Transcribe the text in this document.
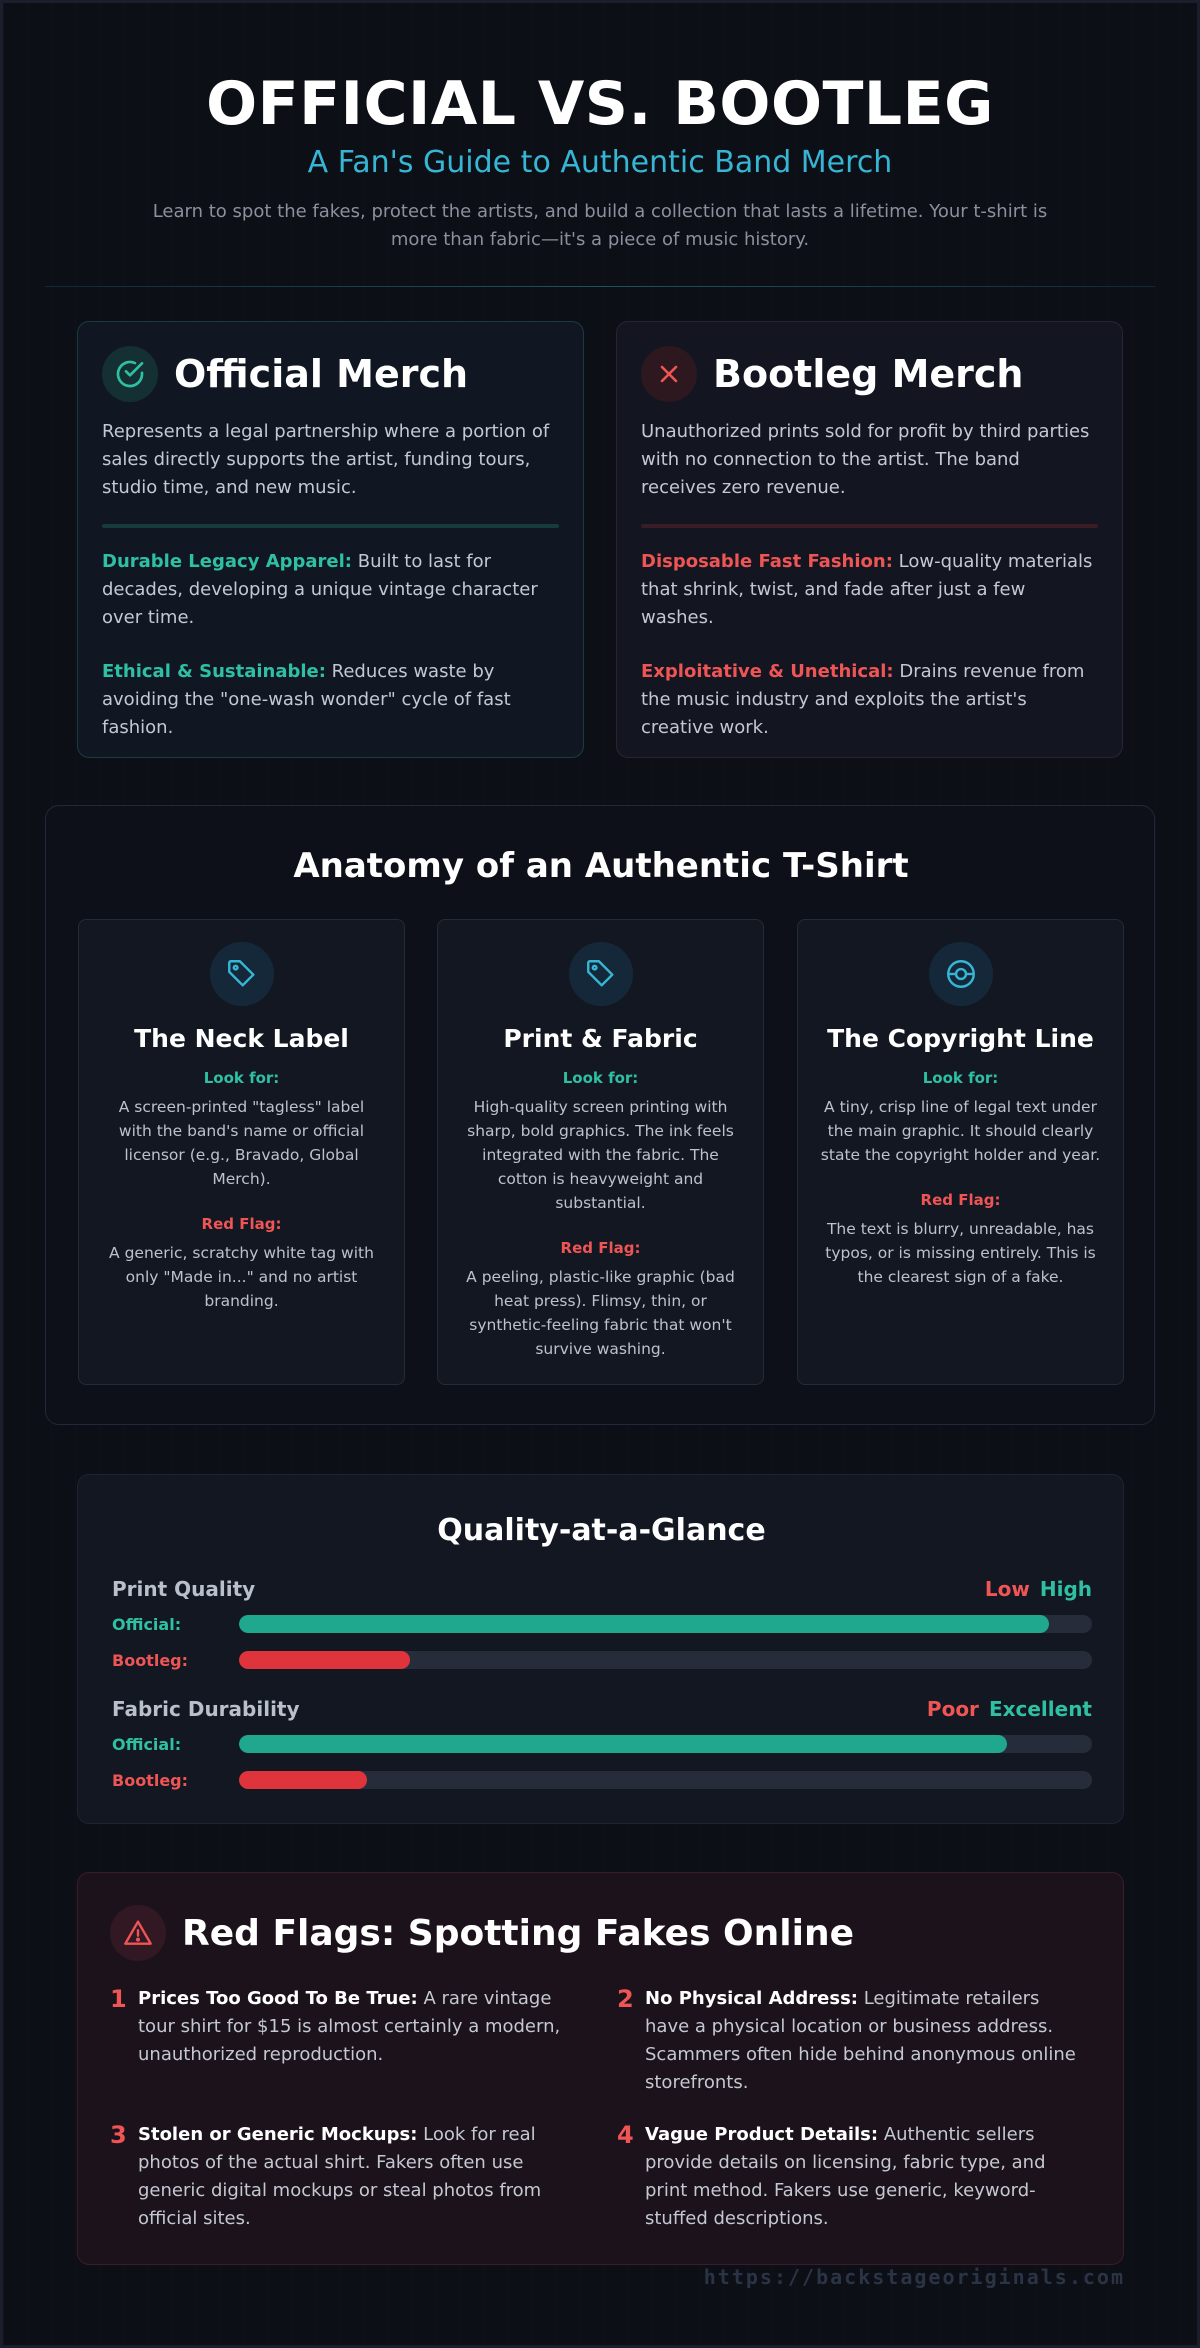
OFFICIAL VS. BOOTLEG
A Fan's Guide to Authentic Band Merch

Learn to spot the fakes, protect the artists, and build a collection that lasts a lifetime. Your t-shirt is more than fabric—it's a piece of music history.

Official Merch

Represents a legal partnership where a portion of sales directly supports the artist, funding tours, studio time, and new music.

Durable Legacy Apparel: Built to last for decades, developing a unique vintage character over time.

Ethical & Sustainable: Reduces waste by avoiding the "one-wash wonder" cycle of fast fashion.

Bootleg Merch

Unauthorized prints sold for profit by third parties with no connection to the artist. The band receives zero revenue.

Disposable Fast Fashion: Low-quality materials that shrink, twist, and fade after just a few washes.

Exploitative & Unethical: Drains revenue from the music industry and exploits the artist's creative work.

Anatomy of an Authentic T-Shirt
The Neck Label
Look for:

A screen-printed "tagless" label with the band's name or official licensor (e.g., Bravado, Global Merch).

Red Flag:

A generic, scratchy white tag with only "Made in..." and no artist branding.

Print & Fabric
Look for:

High-quality screen printing with sharp, bold graphics. The ink feels integrated with the fabric. The cotton is heavyweight and substantial.

Red Flag:

A peeling, plastic-like graphic (bad heat press). Flimsy, thin, or synthetic-feeling fabric that won't survive washing.

The Copyright Line
Look for:

A tiny, crisp line of legal text under the main graphic. It should clearly state the copyright holder and year.

Red Flag:

The text is blurry, unreadable, has typos, or is missing entirely. This is the clearest sign of a fake.

Quality-at-a-Glance
Print Quality	Low High
Official:
Bootleg:
Fabric Durability	Poor Excellent
Official:
Bootleg:
Red Flags: Spotting Fakes Online
1 Prices Too Good To Be True: A rare vintage tour shirt for $15 is almost certainly a modern, unauthorized reproduction.

2 No Physical Address: Legitimate retailers have a physical location or business address. Scammers often hide behind anonymous online storefronts.

3 Stolen or Generic Mockups: Look for real photos of the actual shirt. Fakers often use generic digital mockups or steal photos from official sites.

4 Vague Product Details: Authentic sellers provide details on licensing, fabric type, and print method. Fakers use generic, keyword-stuffed descriptions.

https://backstageoriginals.com
